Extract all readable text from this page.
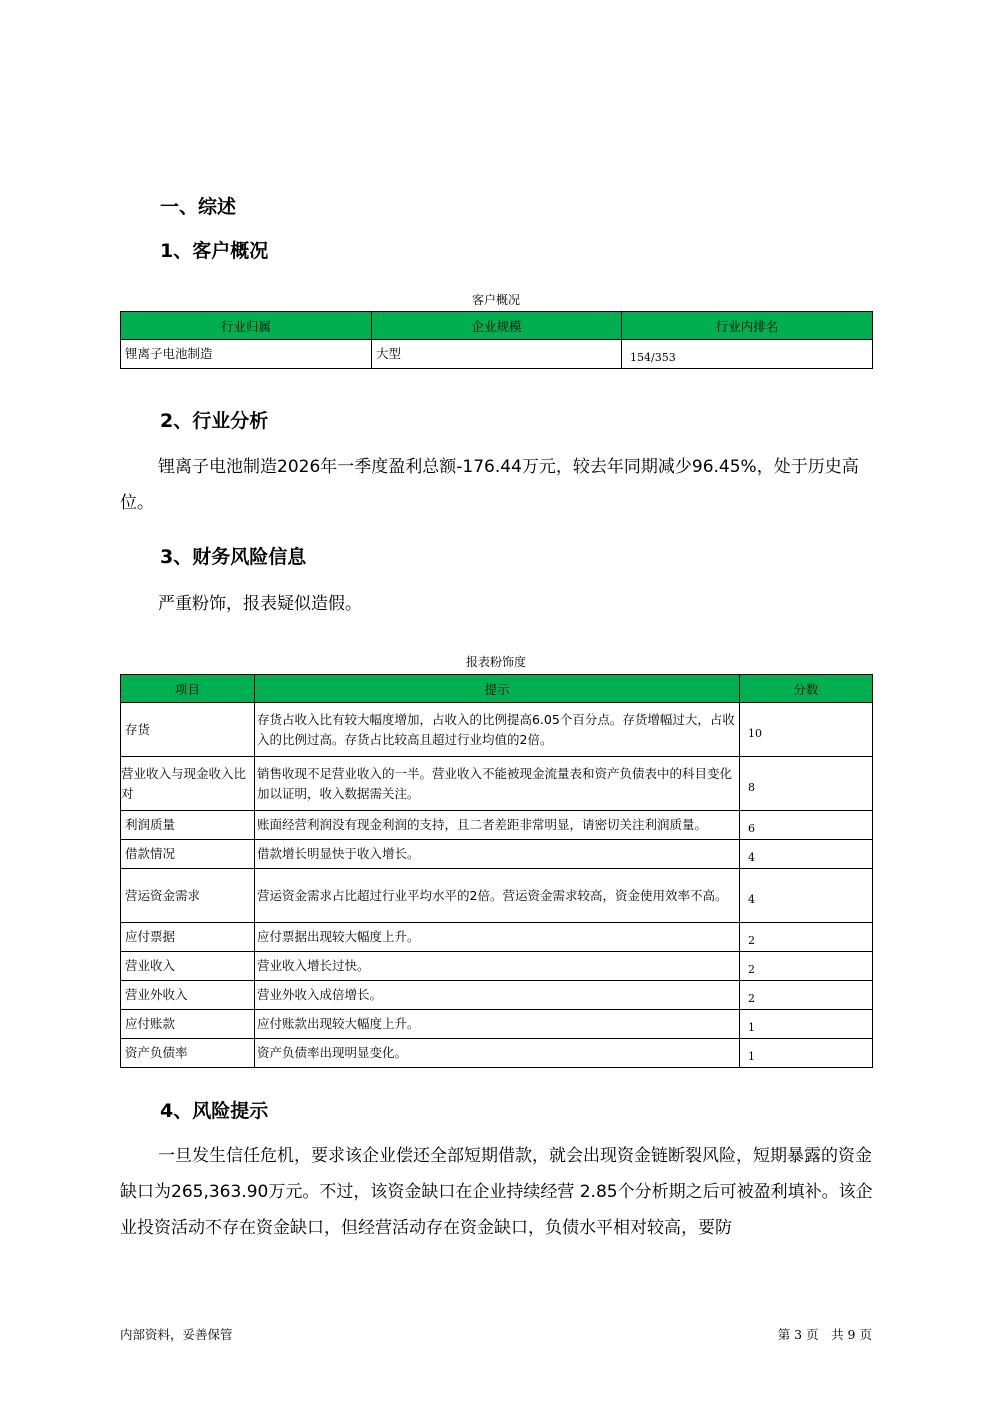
一、综述
1、客户概况
客户概况
行业归属	企业规模	行业内排名
锂离子电池制造	大型	154/353
2、行业分析
锂离子电池制造2026年一季度盈利总额-176.44万元，较去年同期减少96.45%，处于历史高位。
3、财务风险信息
严重粉饰，报表疑似造假。
报表粉饰度
项目	提示	分数
存货	存货占收入比有较大幅度增加，占收入的比例提高6.05个百分点。存货增幅过大，占收入的比例过高。存货占比较高且超过行业均值的2倍。	10
营业收入与现金收入比对	销售收现不足营业收入的一半。营业收入不能被现金流量表和资产负债表中的科目变化加以证明，收入数据需关注。	8
利润质量	账面经营利润没有现金利润的支持，且二者差距非常明显，请密切关注利润质量。	6
借款情况	借款增长明显快于收入增长。	4
营运资金需求	营运资金需求占比超过行业平均水平的2倍。营运资金需求较高，资金使用效率不高。	4
应付票据	应付票据出现较大幅度上升。	2
营业收入	营业收入增长过快。	2
营业外收入	营业外收入成倍增长。	2
应付账款	应付账款出现较大幅度上升。	1
资产负债率	资产负债率出现明显变化。	1
4、风险提示
一旦发生信任危机，要求该企业偿还全部短期借款，就会出现资金链断裂风险，短期暴露的资金缺口为265,363.90万元。不过，该资金缺口在企业持续经营 2.85个分析期之后可被盈利填补。该企业投资活动不存在资金缺口，但经营活动存在资金缺口，负债水平相对较高，要防
内部资料，妥善保管	第 3 页　共 9 页
